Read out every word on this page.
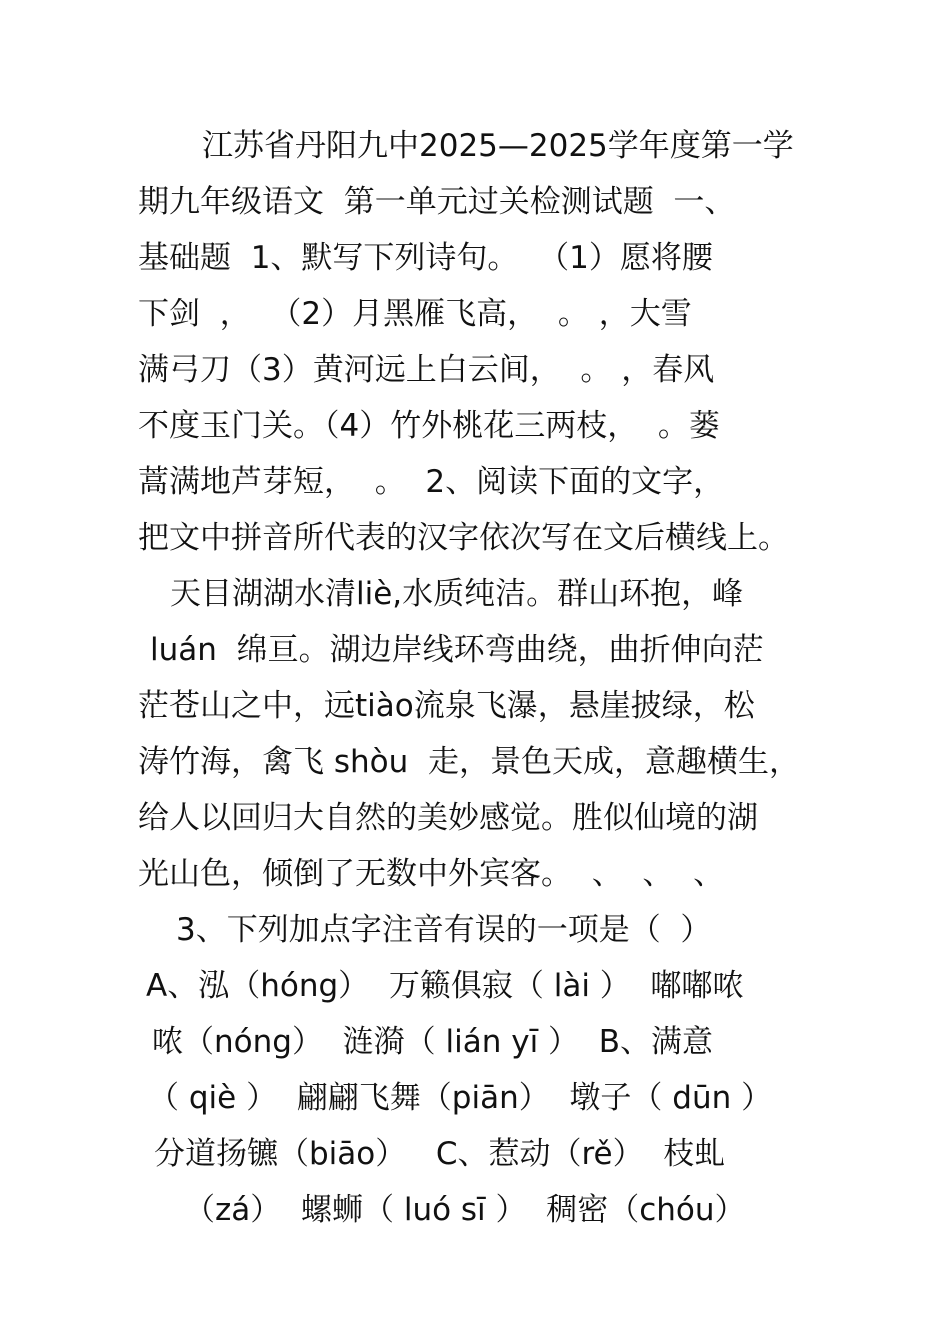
江苏省丹阳九中2025—2025学年度第一学
期九年级语文  第一单元过关检测试题  一、
基础题  1、默写下列诗句。  （1）愿将腰
下剑  ，  （2）月黑雁飞高，  。 ，大雪
满弓刀（3）黄河远上白云间，  。 ，春风
不度玉门关。（4）竹外桃花三两枝，  。蒌
蒿满地芦芽短，  。  2、阅读下面的文字，
把文中拼音所代表的汉字依次写在文后横线上。
天目湖湖水清liè,水质纯洁。群山环抱，峰
luán  绵亘。湖边岸线环弯曲绕，曲折伸向茫
茫苍山之中，远tiào流泉飞瀑，悬崖披绿，松
涛竹海，禽飞 shòu  走，景色天成，意趣横生，
给人以回归大自然的美妙感觉。胜似仙境的湖
光山色，倾倒了无数中外宾客。  、  、  、
3、下列加点字注音有误的一项是（  ）
A、泓（hóng）  万籁俱寂（ lài ）  嘟嘟哝
哝（nóng）  涟漪（ lián yī ）  B、满意
（ qiè ）  翩翩飞舞（piān）  墩子（ dūn ）
分道扬镳（biāo）   C、惹动（rě）  枝虬
（zá）  螺蛳（ luó sī ）  稠密（chóu）
